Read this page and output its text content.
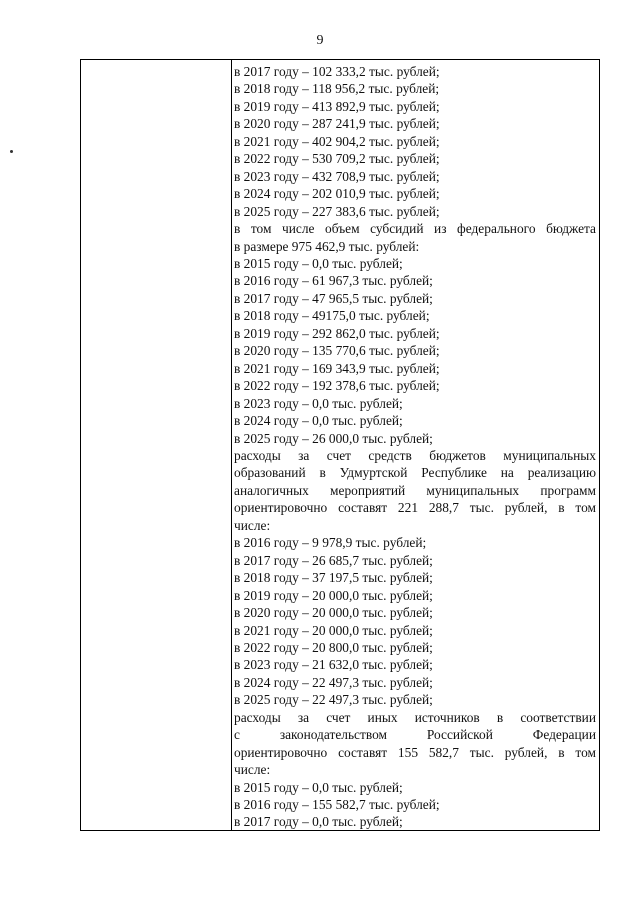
9
в 2017 году – 102 333,2 тыс. рублей;
в 2018 году – 118 956,2 тыс. рублей;
в 2019 году – 413 892,9 тыс. рублей;
в 2020 году – 287 241,9 тыс. рублей;
в 2021 году – 402 904,2 тыс. рублей;
в 2022 году – 530 709,2 тыс. рублей;
в 2023 году – 432 708,9 тыс. рублей;
в 2024 году – 202 010,9 тыс. рублей;
в 2025 году – 227 383,6 тыс. рублей;
в том числе объем субсидий из федерального бюджета
в размере 975 462,9 тыс. рублей:
в 2015 году – 0,0 тыс. рублей;
в 2016 году – 61 967,3 тыс. рублей;
в 2017 году – 47 965,5 тыс. рублей;
в 2018 году – 49175,0 тыс. рублей;
в 2019 году – 292 862,0 тыс. рублей;
в 2020 году – 135 770,6 тыс. рублей;
в 2021 году – 169 343,9 тыс. рублей;
в 2022 году – 192 378,6 тыс. рублей;
в 2023 году – 0,0 тыс. рублей;
в 2024 году – 0,0 тыс. рублей;
в 2025 году – 26 000,0 тыс. рублей;
расходы за счет средств бюджетов муниципальных
образований в Удмуртской Республике на реализацию
аналогичных мероприятий муниципальных программ
ориентировочно составят 221 288,7 тыс. рублей, в том
числе:
в 2016 году – 9 978,9 тыс. рублей;
в 2017 году – 26 685,7 тыс. рублей;
в 2018 году – 37 197,5 тыс. рублей;
в 2019 году – 20 000,0 тыс. рублей;
в 2020 году – 20 000,0 тыс. рублей;
в 2021 году – 20 000,0 тыс. рублей;
в 2022 году – 20 800,0 тыс. рублей;
в 2023 году – 21 632,0 тыс. рублей;
в 2024 году – 22 497,3 тыс. рублей;
в 2025 году – 22 497,3 тыс. рублей;
расходы за счет иных источников в соответствии
с законодательством Российской Федерации
ориентировочно составят 155 582,7 тыс. рублей, в том
числе:
в 2015 году – 0,0 тыс. рублей;
в 2016 году – 155 582,7 тыс. рублей;
в 2017 году – 0,0 тыс. рублей;
